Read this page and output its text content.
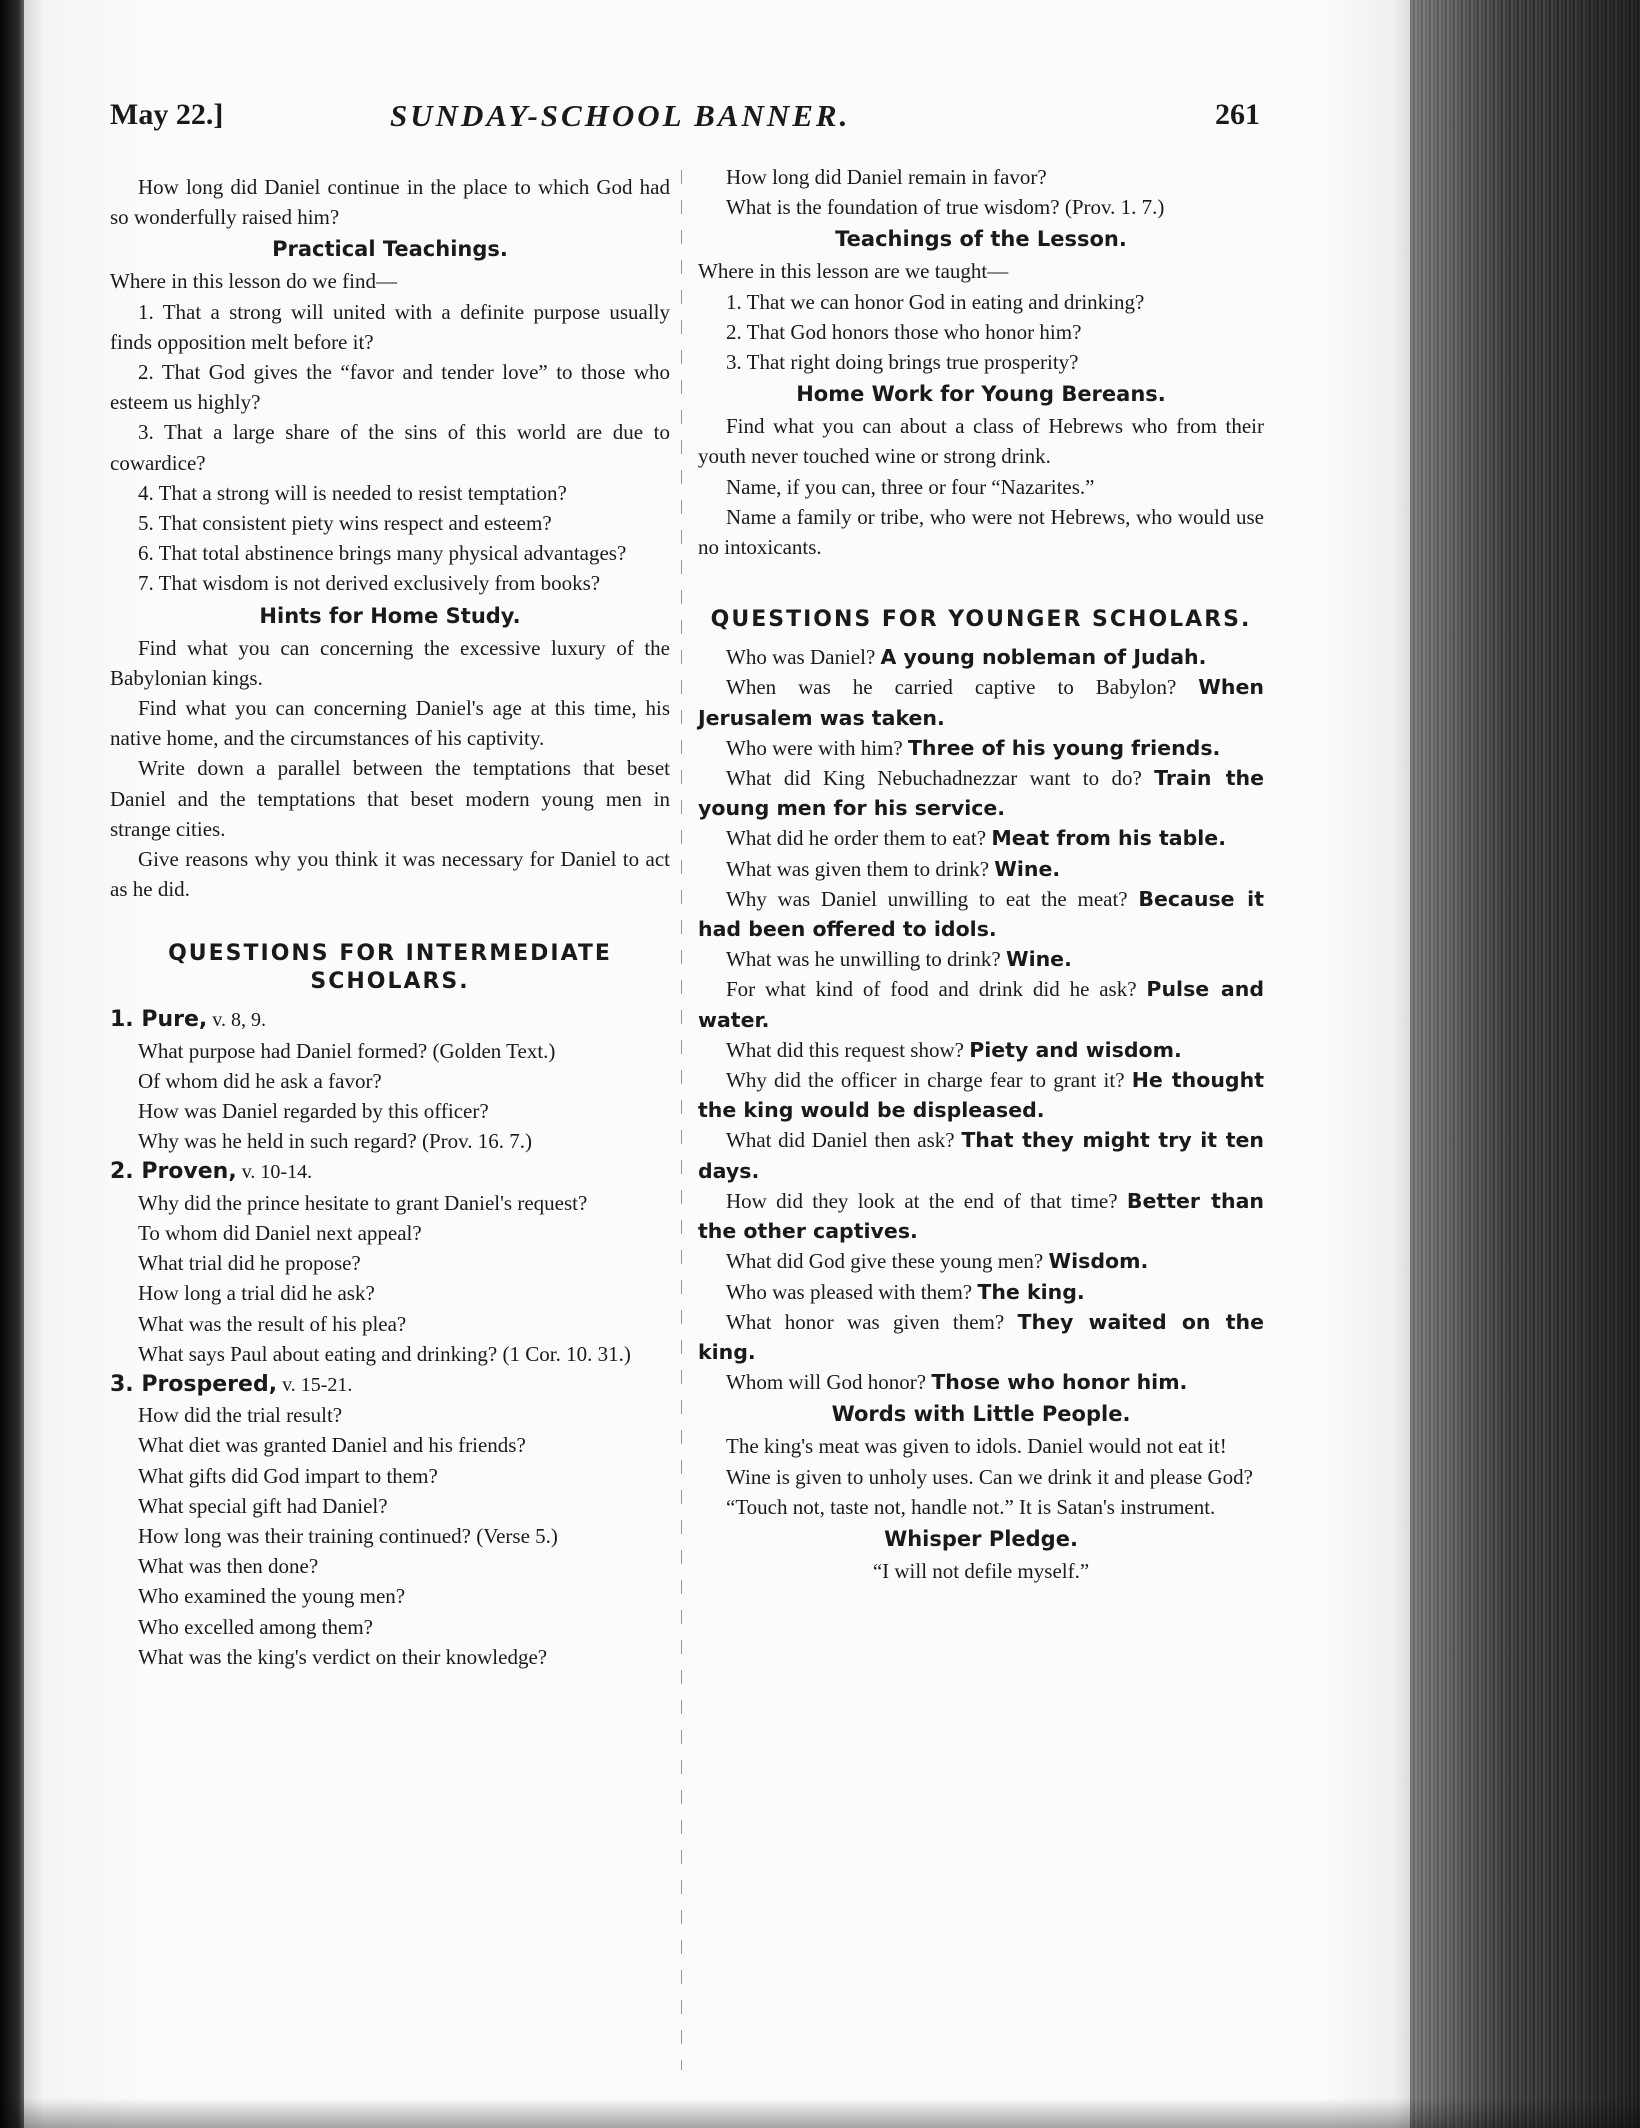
May 22.]	SUNDAY-SCHOOL BANNER.	261

How long did Daniel continue in the place to which God had so wonderfully raised him?

Practical Teachings.

Where in this lesson do we find—

1. That a strong will united with a definite purpose usually finds opposition melt before it?

2. That God gives the “favor and tender love” to those who esteem us highly?

3. That a large share of the sins of this world are due to cowardice?

4. That a strong will is needed to resist temptation?

5. That consistent piety wins respect and esteem?

6. That total abstinence brings many physical advantages?

7. That wisdom is not derived exclusively from books?

Hints for Home Study.

Find what you can concerning the excessive luxury of the Babylonian kings.

Find what you can concerning Daniel's age at this time, his native home, and the circumstances of his captivity.

Write down a parallel between the temptations that beset Daniel and the temptations that beset modern young men in strange cities.

Give reasons why you think it was necessary for Daniel to act as he did.

QUESTIONS FOR INTERMEDIATE SCHOLARS.

1. Pure, v. 8, 9.

What purpose had Daniel formed? (Golden Text.)

Of whom did he ask a favor?

How was Daniel regarded by this officer?

Why was he held in such regard? (Prov. 16. 7.)

2. Proven, v. 10-14.

Why did the prince hesitate to grant Daniel's request?

To whom did Daniel next appeal?

What trial did he propose?

How long a trial did he ask?

What was the result of his plea?

What says Paul about eating and drinking? (1 Cor. 10. 31.)

3. Prospered, v. 15-21.

How did the trial result?

What diet was granted Daniel and his friends?

What gifts did God impart to them?

What special gift had Daniel?

How long was their training continued? (Verse 5.)

What was then done?

Who examined the young men?

Who excelled among them?

What was the king's verdict on their knowledge?

How long did Daniel remain in favor?

What is the foundation of true wisdom? (Prov. 1. 7.)

Teachings of the Lesson.

Where in this lesson are we taught—

1. That we can honor God in eating and drinking?

2. That God honors those who honor him?

3. That right doing brings true prosperity?

Home Work for Young Bereans.

Find what you can about a class of Hebrews who from their youth never touched wine or strong drink.

Name, if you can, three or four “Nazarites.”

Name a family or tribe, who were not Hebrews, who would use no intoxicants.

QUESTIONS FOR YOUNGER SCHOLARS.

Who was Daniel? A young nobleman of Judah.

When was he carried captive to Babylon? When Jerusalem was taken.

Who were with him? Three of his young friends.

What did King Nebuchadnezzar want to do? Train the young men for his service.

What did he order them to eat? Meat from his table.

What was given them to drink? Wine.

Why was Daniel unwilling to eat the meat? Because it had been offered to idols.

What was he unwilling to drink? Wine.

For what kind of food and drink did he ask? Pulse and water.

What did this request show? Piety and wisdom.

Why did the officer in charge fear to grant it? He thought the king would be displeased.

What did Daniel then ask? That they might try it ten days.

How did they look at the end of that time? Better than the other captives.

What did God give these young men? Wisdom.

Who was pleased with them? The king.

What honor was given them? They waited on the king.

Whom will God honor? Those who honor him.

Words with Little People.

The king's meat was given to idols. Daniel would not eat it!

Wine is given to unholy uses. Can we drink it and please God?

“Touch not, taste not, handle not.” It is Satan's instrument.

Whisper Pledge.

“I will not defile myself.”
